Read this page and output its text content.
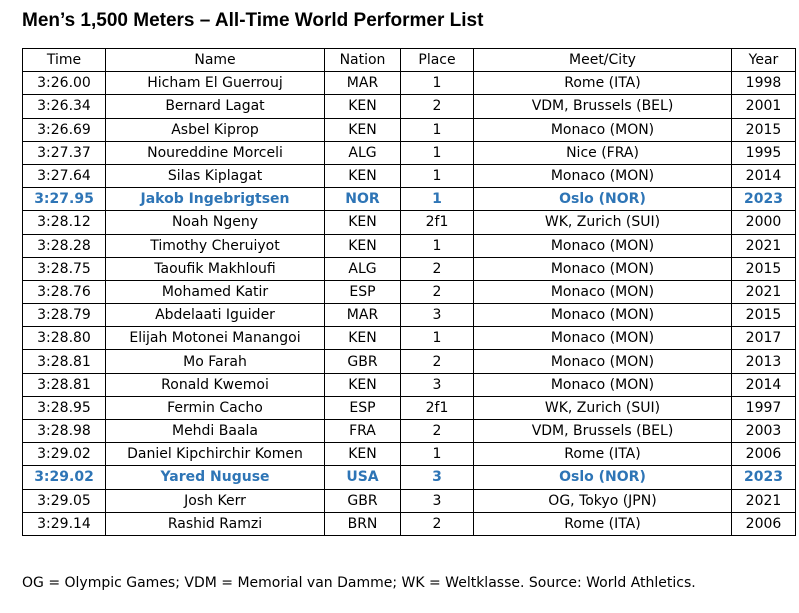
Men’s 1,500 Meters – All-Time World Performer List
Time	Name	Nation	Place	Meet/City	Year
3:26.00	Hicham El Guerrouj	MAR	1	Rome (ITA)	1998
3:26.34	Bernard Lagat	KEN	2	VDM, Brussels (BEL)	2001
3:26.69	Asbel Kiprop	KEN	1	Monaco (MON)	2015
3:27.37	Noureddine Morceli	ALG	1	Nice (FRA)	1995
3:27.64	Silas Kiplagat	KEN	1	Monaco (MON)	2014
3:27.95	Jakob Ingebrigtsen	NOR	1	Oslo (NOR)	2023
3:28.12	Noah Ngeny	KEN	2f1	WK, Zurich (SUI)	2000
3:28.28	Timothy Cheruiyot	KEN	1	Monaco (MON)	2021
3:28.75	Taoufik Makhloufi	ALG	2	Monaco (MON)	2015
3:28.76	Mohamed Katir	ESP	2	Monaco (MON)	2021
3:28.79	Abdelaati Iguider	MAR	3	Monaco (MON)	2015
3:28.80	Elijah Motonei Manangoi	KEN	1	Monaco (MON)	2017
3:28.81	Mo Farah	GBR	2	Monaco (MON)	2013
3:28.81	Ronald Kwemoi	KEN	3	Monaco (MON)	2014
3:28.95	Fermin Cacho	ESP	2f1	WK, Zurich (SUI)	1997
3:28.98	Mehdi Baala	FRA	2	VDM, Brussels (BEL)	2003
3:29.02	Daniel Kipchirchir Komen	KEN	1	Rome (ITA)	2006
3:29.02	Yared Nuguse	USA	3	Oslo (NOR)	2023
3:29.05	Josh Kerr	GBR	3	OG, Tokyo (JPN)	2021
3:29.14	Rashid Ramzi	BRN	2	Rome (ITA)	2006
OG = Olympic Games; VDM = Memorial van Damme; WK = Weltklasse. Source: World Athletics.
